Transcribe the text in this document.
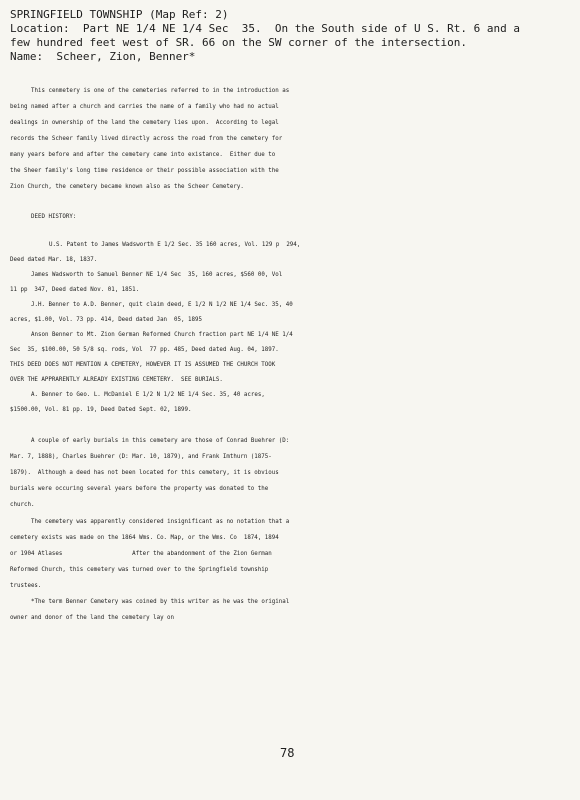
SPRINGFIELD TOWNSHIP (Map Ref: 2)
Location:  Part NE 1/4 NE 1/4 Sec  35.  On the South side of U S. Rt. 6 and a
few hundred feet west of SR. 66 on the SW corner of the intersection.
Name:  Scheer, Zion, Benner*
This cenmetery is one of the cemeteries referred to in the introduction as
being named after a church and carries the name of a family who had no actual
dealings in ownership of the land the cemetery lies upon.  According to legal
records the Scheer family lived directly across the road from the cemetery for
many years before and after the cemetery came into existance.  Either due to
the Sheer family's long time residence or their possible association with the
Zion Church, the cemetery became known also as the Scheer Cemetery.
DEED HISTORY:
U.S. Patent to James Wadsworth E 1/2 Sec. 35 160 acres, Vol. 129 p  294,
Deed dated Mar. 18, 1837.
James Wadsworth to Samuel Benner NE 1/4 Sec  35, 160 acres, $560 00, Vol
11 pp  347, Deed dated Nov. 01, 1851.
J.H. Benner to A.D. Benner, quit claim deed, E 1/2 N 1/2 NE 1/4 Sec. 35, 40
acres, $1.00, Vol. 73 pp. 414, Deed dated Jan  05, 1895
Anson Benner to Mt. Zion German Reformed Church fraction part NE 1/4 NE 1/4
Sec  35, $100.00, 50 5/8 sq. rods, Vol  77 pp. 485, Deed dated Aug. 04, 1897.
THIS DEED DOES NOT MENTION A CEMETERY, HOWEVER IT IS ASSUMED THE CHURCH TOOK
OVER THE APPRARENTLY ALREADY EXISTING CEMETERY.  SEE BURIALS.
A. Benner to Geo. L. McDaniel E 1/2 N 1/2 NE 1/4 Sec. 35, 40 acres,
$1500.00, Vol. 81 pp. 19, Deed Dated Sept. 02, 1899.
A couple of early burials in this cemetery are those of Conrad Buehrer (D:
Mar. 7, 1888), Charles Buehrer (D: Mar. 10, 1879), and Frank Imthurn (1875-
1879).  Although a deed has not been located for this cemetery, it is obvious
burials were occuring several years before the property was donated to the
church.
The cemetery was apparently considered insignificant as no notation that a
cemetery exists was made on the 1864 Wms. Co. Map, or the Wms. Co  1874, 1894
or 1904 Atlases                    After the abandonment of the Zion German
Reformed Church, this cemetery was turned over to the Springfield township
trustees.
*The term Benner Cemetery was coined by this writer as he was the original
owner and donor of the land the cemetery lay on
78
